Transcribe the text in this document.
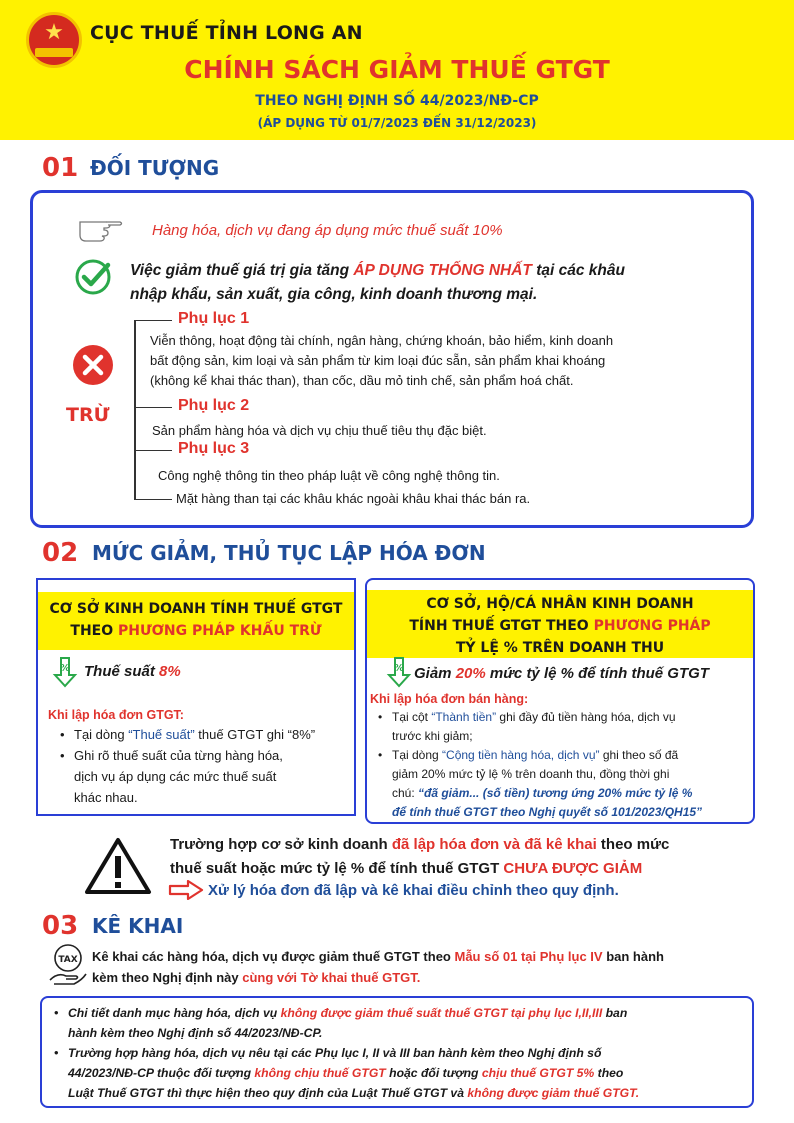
★	CỤC THUẾ TỈNH LONG AN
CHÍNH SÁCH GIẢM THUẾ GTGT
THEO NGHỊ ĐỊNH SỐ 44/2023/NĐ-CP
(ÁP DỤNG TỪ 01/7/2023 ĐẾN 31/12/2023)
01 ĐỐI TƯỢNG
Hàng hóa, dịch vụ đang áp dụng mức thuế suất 10%
Việc giảm thuế giá trị gia tăng ÁP DỤNG THỐNG NHẤT tại các khâu
nhập khẩu, sản xuất, gia công, kinh doanh thương mại.
TRỪ
Phụ lục 1
Viễn thông, hoạt động tài chính, ngân hàng, chứng khoán, bảo hiểm, kinh doanh
bất động sản, kim loại và sản phẩm từ kim loại đúc sẵn, sản phẩm khai khoáng
(không kể khai thác than), than cốc, dầu mỏ tinh chế, sản phẩm hoá chất.
Phụ lục 2
Sản phẩm hàng hóa và dịch vụ chịu thuế tiêu thụ đặc biệt.
Phụ lục 3
Công nghệ thông tin theo pháp luật về công nghệ thông tin.
Mặt hàng than tại các khâu khác ngoài khâu khai thác bán ra.
02 MỨC GIẢM, THỦ TỤC LẬP HÓA ĐƠN
CƠ SỞ KINH DOANH TÍNH THUẾ GTGT
THEO PHƯƠNG PHÁP KHẤU TRỪ
% Thuế suất 8%
Khi lập hóa đơn GTGT:
• Tại dòng “Thuế suất” thuế GTGT ghi “8%”
• Ghi rõ thuế suất của từng hàng hóa,
dịch vụ áp dụng các mức thuế suất
khác nhau.
CƠ SỞ, HỘ/CÁ NHÂN KINH DOANH
TÍNH THUẾ GTGT THEO PHƯƠNG PHÁP
TỶ LỆ % TRÊN DOANH THU
% Giảm 20% mức tỷ lệ % để tính thuế GTGT
Khi lập hóa đơn bán hàng:
• Tại cột “Thành tiền” ghi đầy đủ tiền hàng hóa, dịch vụ
trước khi giảm;
• Tại dòng “Cộng tiền hàng hóa, dịch vụ” ghi theo số đã
giảm 20% mức tỷ lệ % trên doanh thu, đồng thời ghi
chú: “đã giảm... (số tiền) tương ứng 20% mức tỷ lệ %
để tính thuế GTGT theo Nghị quyết số 101/2023/QH15”
Trường hợp cơ sở kinh doanh đã lập hóa đơn và đã kê khai theo mức
thuế suất hoặc mức tỷ lệ % để tính thuế GTGT CHƯA ĐƯỢC GIẢM
Xử lý hóa đơn đã lập và kê khai điều chỉnh theo quy định.
03 KÊ KHAI
TAX Kê khai các hàng hóa, dịch vụ được giảm thuế GTGT theo Mẫu số 01 tại Phụ lục IV ban hành
kèm theo Nghị định này cùng với Tờ khai thuế GTGT.
• Chi tiết danh mục hàng hóa, dịch vụ không được giảm thuế suất thuế GTGT tại phụ lục I,II,III ban
hành kèm theo Nghị định số 44/2023/NĐ-CP.
• Trường hợp hàng hóa, dịch vụ nêu tại các Phụ lục I, II và III ban hành kèm theo Nghị định số
44/2023/NĐ-CP thuộc đối tượng không chịu thuế GTGT hoặc đối tượng chịu thuế GTGT 5% theo
Luật Thuế GTGT thì thực hiện theo quy định của Luật Thuế GTGT và không được giảm thuế GTGT.
